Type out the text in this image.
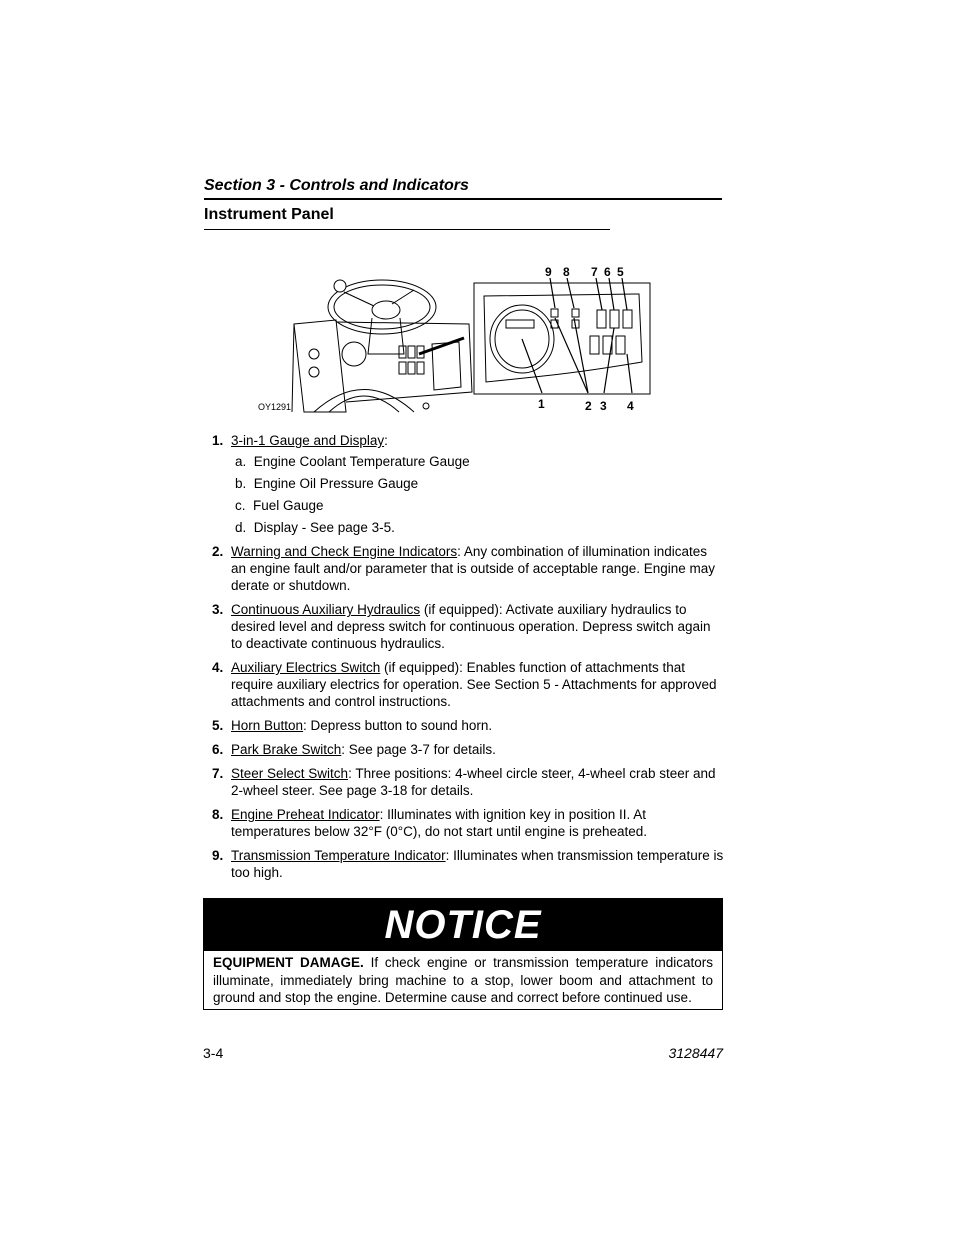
Section 3 - Controls and Indicators
Instrument Panel
OY1291
9 8 7 6 5
1	2 3 4
1. 3-in-1 Gauge and Display:
a.  Engine Coolant Temperature Gauge
b.  Engine Oil Pressure Gauge
c.  Fuel Gauge
d.  Display - See page 3-5.
2. Warning and Check Engine Indicators: Any combination of illumination indicates an engine fault and/or parameter that is outside of acceptable range. Engine may derate or shutdown.
3. Continuous Auxiliary Hydraulics (if equipped): Activate auxiliary hydraulics to desired level and depress switch for continuous operation. Depress switch again to deactivate continuous hydraulics.
4. Auxiliary Electrics Switch (if equipped): Enables function of attachments that require auxiliary electrics for operation. See Section 5 - Attachments for approved attachments and control instructions.
5. Horn Button: Depress button to sound horn.
6. Park Brake Switch: See page 3-7 for details.
7. Steer Select Switch: Three positions: 4-wheel circle steer, 4-wheel crab steer and 2-wheel steer. See page 3-18 for details.
8. Engine Preheat Indicator: Illuminates with ignition key in position II. At temperatures below 32°F (0°C), do not start until engine is preheated.
9. Transmission Temperature Indicator: Illuminates when transmission temperature is too high.
NOTICE
EQUIPMENT DAMAGE. If check engine or transmission temperature indicators illuminate, immediately bring machine to a stop, lower boom and attachment to ground and stop the engine. Determine cause and correct before continued use.
3-4	3128447
